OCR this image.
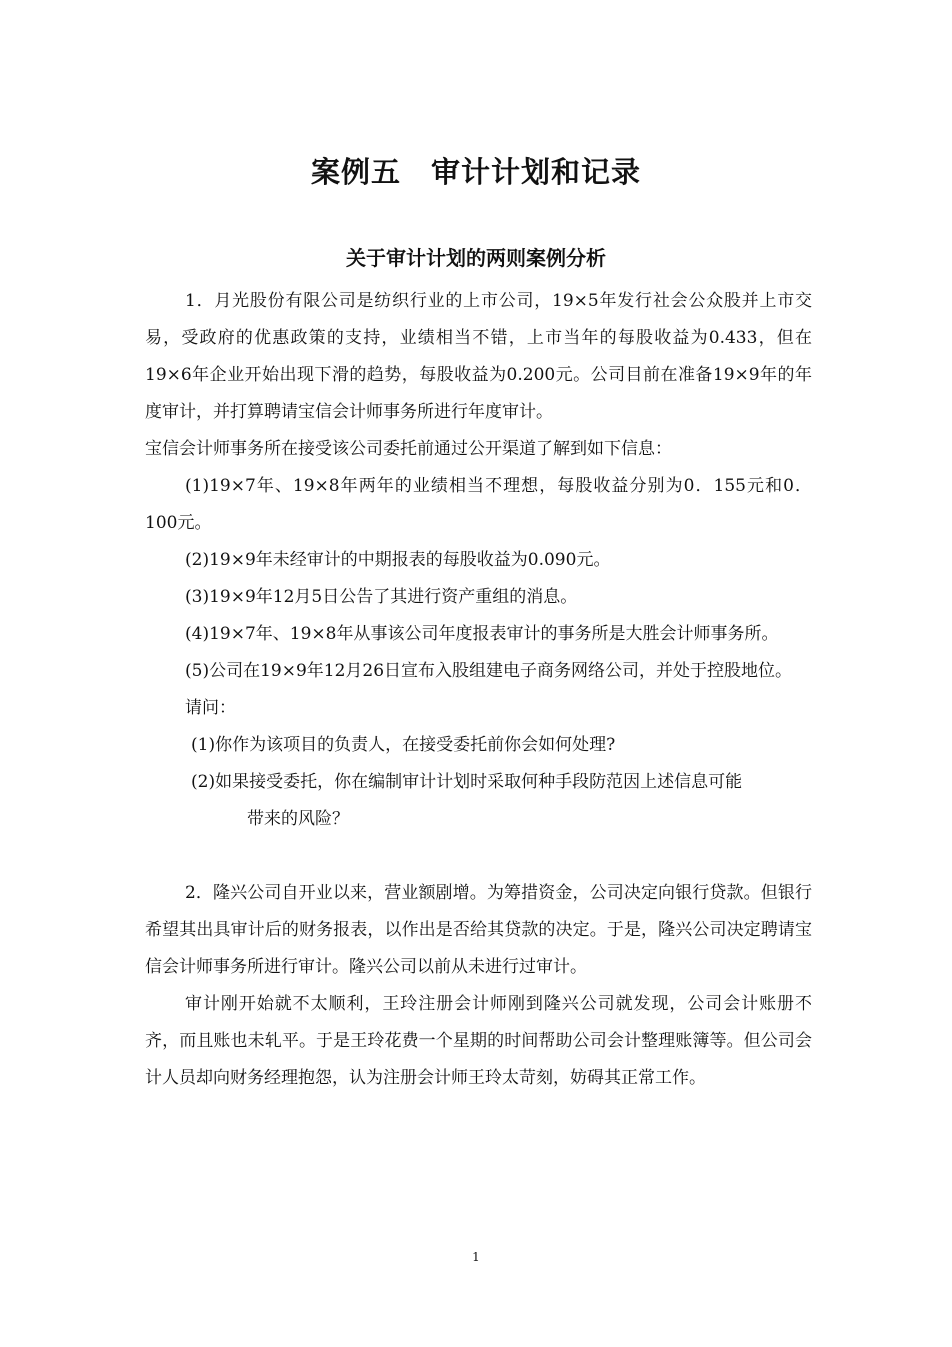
案例五　审计计划和记录
关于审计计划的两则案例分析

1．月光股份有限公司是纺织行业的上市公司，19×5年发行社会公众股并上市交易，受政府的优惠政策的支持，业绩相当不错，上市当年的每股收益为0.433，但在19×6年企业开始出现下滑的趋势，每股收益为0.200元。公司目前在准备19×9年的年度审计，并打算聘请宝信会计师事务所进行年度审计。

宝信会计师事务所在接受该公司委托前通过公开渠道了解到如下信息：

(1)19×7年、19×8年两年的业绩相当不理想，每股收益分别为0．155元和0．100元。

(2)19×9年未经审计的中期报表的每股收益为0.090元。

(3)19×9年12月5日公告了其进行资产重组的消息。

(4)19×7年、19×8年从事该公司年度报表审计的事务所是大胜会计师事务所。

(5)公司在19×9年12月26日宣布入股组建电子商务网络公司，并处于控股地位。

请问：

(1)你作为该项目的负责人，在接受委托前你会如何处理?

(2)如果接受委托，你在编制审计计划时采取何种手段防范因上述信息可能
带来的风险？

2．隆兴公司自开业以来，营业额剧增。为筹措资金，公司决定向银行贷款。但银行希望其出具审计后的财务报表，以作出是否给其贷款的决定。于是，隆兴公司决定聘请宝信会计师事务所进行审计。隆兴公司以前从未进行过审计。

审计刚开始就不太顺利，王玲注册会计师刚到隆兴公司就发现，公司会计账册不齐，而且账也未轧平。于是王玲花费一个星期的时间帮助公司会计整理账簿等。但公司会计人员却向财务经理抱怨，认为注册会计师王玲太苛刻，妨碍其正常工作。

1
